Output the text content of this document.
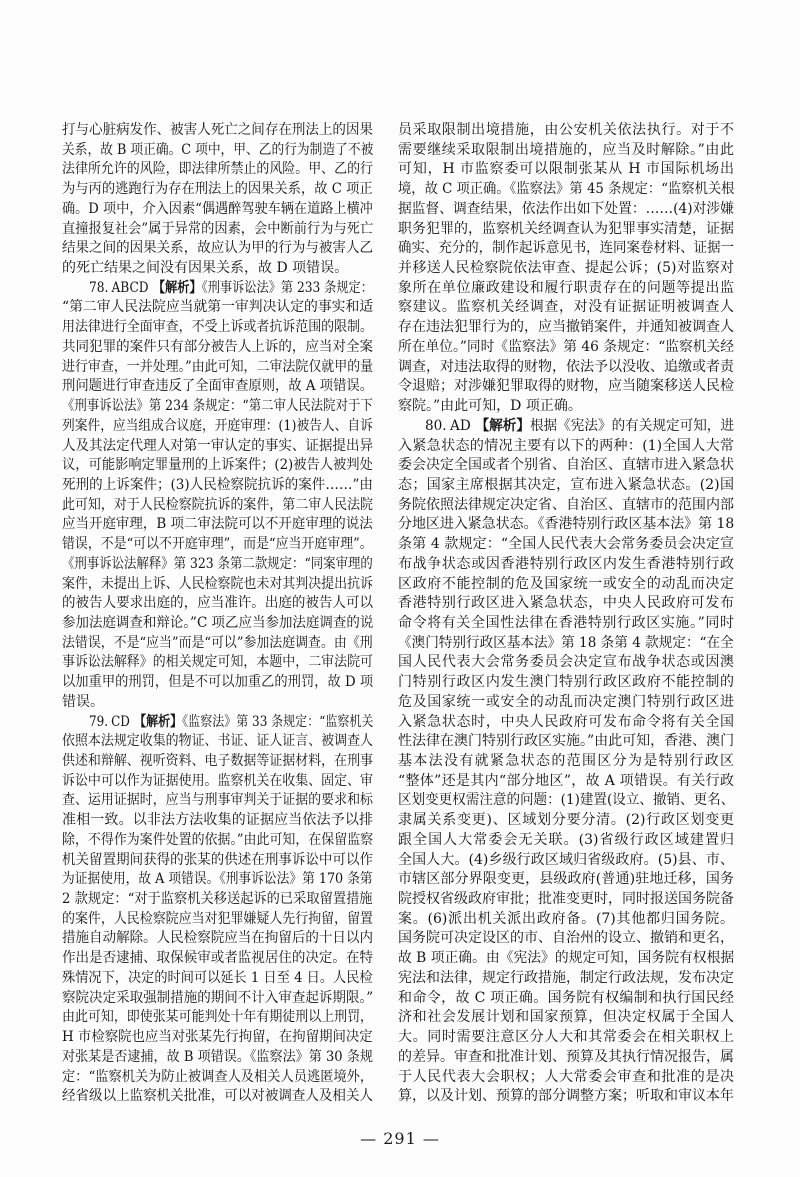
— 291 —
打与心脏病发作、被害人死亡之间存在刑法上的因果
关系，故 B 项正确。C 项中，甲、乙的行为制造了不被
法律所允许的风险，即法律所禁止的风险。甲、乙的行
为与丙的逃跑行为存在刑法上的因果关系，故 C 项正
确。D 项中，介入因素“偶遇醉驾驶车辆在道路上横冲
直撞报复社会”属于异常的因素，会中断前行为与死亡
结果之间的因果关系，故应认为甲的行为与被害人乙
的死亡结果之间没有因果关系，故 D 项错误。
78. ABCD 【解析】《刑事诉讼法》第 233 条规定：
“第二审人民法院应当就第一审判决认定的事实和适
用法律进行全面审查，不受上诉或者抗诉范围的限制。
共同犯罪的案件只有部分被告人上诉的，应当对全案
进行审查，一并处理。”由此可知，二审法院仅就甲的量
刑问题进行审查违反了全面审查原则，故 A 项错误。
《刑事诉讼法》第 234 条规定：“第二审人民法院对于下
列案件，应当组成合议庭，开庭审理：(1)被告人、自诉
人及其法定代理人对第一审认定的事实、证据提出异
议，可能影响定罪量刑的上诉案件；(2)被告人被判处
死刑的上诉案件；(3)人民检察院抗诉的案件……”由
此可知，对于人民检察院抗诉的案件，第二审人民法院
应当开庭审理，B 项二审法院可以不开庭审理的说法
错误，不是“可以不开庭审理”，而是“应当开庭审理”。
《刑事诉讼法解释》第 323 条第二款规定：“同案审理的
案件，未提出上诉、人民检察院也未对其判决提出抗诉
的被告人要求出庭的，应当准许。出庭的被告人可以
参加法庭调查和辩论。”C 项乙应当参加法庭调查的说
法错误，不是“应当”而是“可以”参加法庭调查。由《刑
事诉讼法解释》的相关规定可知，本题中，二审法院可
以加重甲的刑罚，但是不可以加重乙的刑罚，故 D 项
错误。
79. CD 【解析】《监察法》第 33 条规定：“监察机关
依照本法规定收集的物证、书证、证人证言、被调查人
供述和辩解、视听资料、电子数据等证据材料，在刑事
诉讼中可以作为证据使用。监察机关在收集、固定、审
查、运用证据时，应当与刑事审判关于证据的要求和标
准相一致。以非法方法收集的证据应当依法予以排
除，不得作为案件处置的依据。”由此可知，在保留监察
机关留置期间获得的张某的供述在刑事诉讼中可以作
为证据使用，故 A 项错误。《刑事诉讼法》第 170 条第
2 款规定：“对于监察机关移送起诉的已采取留置措施
的案件，人民检察院应当对犯罪嫌疑人先行拘留，留置
措施自动解除。人民检察院应当在拘留后的十日以内
作出是否逮捕、取保候审或者监视居住的决定。在特
殊情况下，决定的时间可以延长 1 日至 4 日。人民检
察院决定采取强制措施的期间不计入审查起诉期限。”
由此可知，即使张某可能判处十年有期徒刑以上刑罚，
H 市检察院也应当对张某先行拘留，在拘留期间决定
对张某是否逮捕，故 B 项错误。《监察法》第 30 条规
定：“监察机关为防止被调查人及相关人员逃匿境外，
经省级以上监察机关批准，可以对被调查人及相关人
员采取限制出境措施，由公安机关依法执行。对于不
需要继续采取限制出境措施的，应当及时解除。”由此
可知，H 市监察委可以限制张某从 H 市国际机场出
境，故 C 项正确。《监察法》第 45 条规定：“监察机关根
据监督、调查结果，依法作出如下处置：……(4)对涉嫌
职务犯罪的，监察机关经调查认为犯罪事实清楚，证据
确实、充分的，制作起诉意见书，连同案卷材料、证据一
并移送人民检察院依法审查、提起公诉；(5)对监察对
象所在单位廉政建设和履行职责存在的问题等提出监
察建议。监察机关经调查，对没有证据证明被调查人
存在违法犯罪行为的，应当撤销案件，并通知被调查人
所在单位。”同时《监察法》第 46 条规定：“监察机关经
调查，对违法取得的财物，依法予以没收、追缴或者责
令退赔；对涉嫌犯罪取得的财物，应当随案移送人民检
察院。”由此可知，D 项正确。
80. AD 【解析】根据《宪法》的有关规定可知，进
入紧急状态的情况主要有以下的两种：(1)全国人大常
委会决定全国或者个别省、自治区、直辖市进入紧急状
态；国家主席根据其决定，宣布进入紧急状态。(2)国
务院依照法律规定决定省、自治区、直辖市的范围内部
分地区进入紧急状态。《香港特别行政区基本法》第 18
条第 4 款规定：“全国人民代表大会常务委员会决定宣
布战争状态或因香港特别行政区内发生香港特别行政
区政府不能控制的危及国家统一或安全的动乱而决定
香港特别行政区进入紧急状态，中央人民政府可发布
命令将有关全国性法律在香港特别行政区实施。”同时
《澳门特别行政区基本法》第 18 条第 4 款规定：“在全
国人民代表大会常务委员会决定宣布战争状态或因澳
门特别行政区内发生澳门特别行政区政府不能控制的
危及国家统一或安全的动乱而决定澳门特别行政区进
入紧急状态时，中央人民政府可发布命令将有关全国
性法律在澳门特别行政区实施。”由此可知，香港、澳门
基本法没有就紧急状态的范围区分为是特别行政区
“整体”还是其内“部分地区”，故 A 项错误。有关行政
区划变更权需注意的问题：(1)建置(设立、撤销、更名、
隶属关系变更)、区域划分要分清。(2)行政区划变更
跟全国人大常委会无关联。(3)省级行政区域建置归
全国人大。(4)乡级行政区域归省级政府。(5)县、市、
市辖区部分界限变更，县级政府(普通)驻地迁移，国务
院授权省级政府审批；批准变更时，同时报送国务院备
案。(6)派出机关派出政府备。(7)其他都归国务院。
国务院可决定设区的市、自治州的设立、撤销和更名，
故 B 项正确。由《宪法》的规定可知，国务院有权根据
宪法和法律，规定行政措施，制定行政法规，发布决定
和命令，故 C 项正确。国务院有权编制和执行国民经
济和社会发展计划和国家预算，但决定权属于全国人
大。同时需要注意区分人大和其常委会在相关职权上
的差异。审查和批准计划、预算及其执行情况报告，属
于人民代表大会职权；人大常委会审查和批准的是决
算，以及计划、预算的部分调整方案；听取和审议本年
